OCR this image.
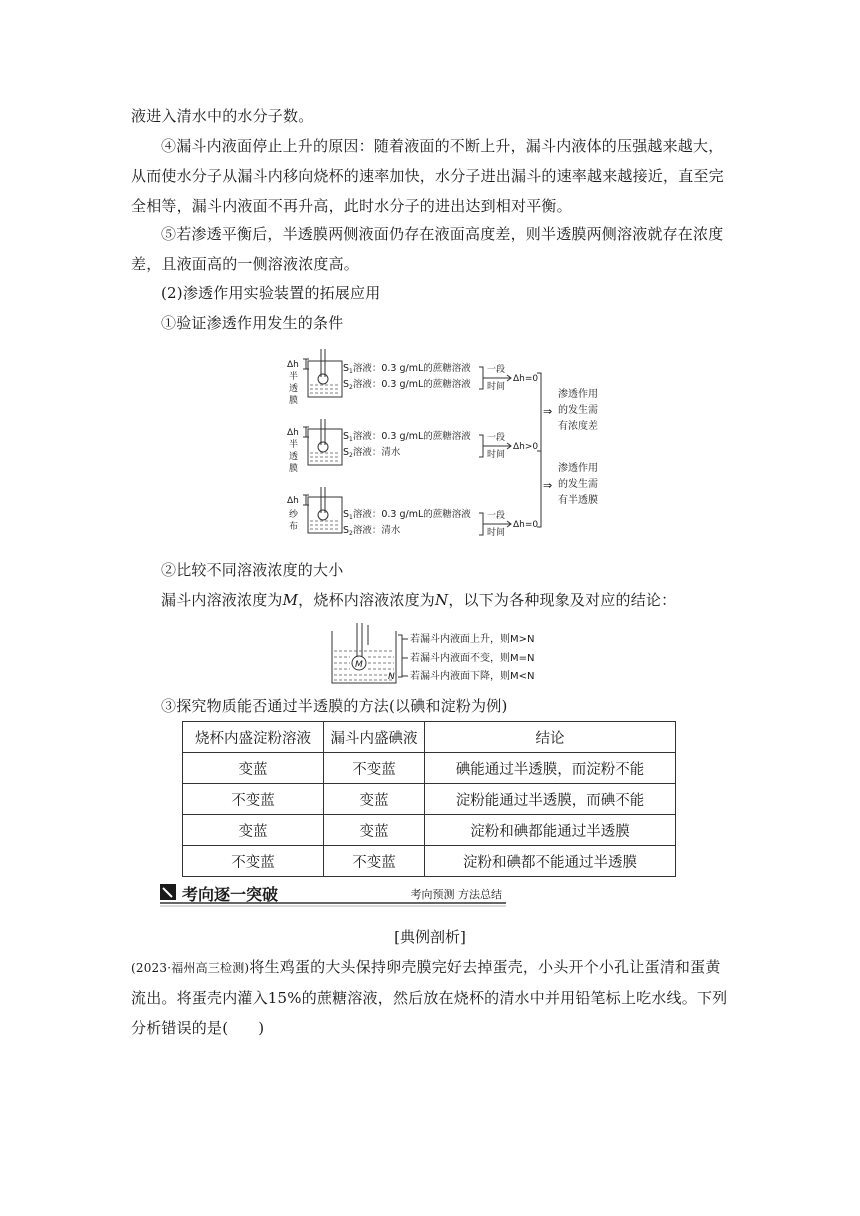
液进入清水中的水分子数。
④漏斗内液面停止上升的原因：随着液面的不断上升，漏斗内液体的压强越来越大，从而使水分子从漏斗内移向烧杯的速率加快，水分子进出漏斗的速率越来越接近，直至完全相等，漏斗内液面不再升高，此时水分子的进出达到相对平衡。
⑤若渗透平衡后，半透膜两侧液面仍存在液面高度差，则半透膜两侧溶液就存在浓度差，且液面高的一侧溶液浓度高。
(2)渗透作用实验装置的拓展应用
①验证渗透作用发生的条件
Δh
半
透
膜
Δh
半
透
膜
Δh
纱
布
$S_1$溶液：0.3 g/mL的蔗糖溶液
$S_2$溶液：0.3 g/mL的蔗糖溶液
$S_1$溶液：0.3 g/mL的蔗糖溶液
$S_2$溶液：清水
$S_1$溶液：0.3 g/mL的蔗糖溶液
$S_2$溶液：清水
一段
时间
一段
时间
一段
时间
Δh=0
Δh>0
Δh=0
⇒
⇒
渗透作用
的发生需
有浓度差
渗透作用
的发生需
有半透膜
②比较不同溶液浓度的大小
漏斗内溶液浓度为M，烧杯内溶液浓度为N，以下为各种现象及对应的结论：
M
N
若漏斗内液面上升，则M>N
若漏斗内液面不变，则M=N
若漏斗内液面下降，则M<N
③探究物质能否通过半透膜的方法(以碘和淀粉为例)
烧杯内盛淀粉溶液	漏斗内盛碘液	结论
变蓝	不变蓝	碘能通过半透膜，而淀粉不能
不变蓝	变蓝	淀粉能通过半透膜，而碘不能
变蓝	变蓝	淀粉和碘都能通过半透膜
不变蓝	不变蓝	淀粉和碘都不能通过半透膜
考向逐一突破	考向预测 方法总结
[典例剖析]
(2023·福州高三检测)将生鸡蛋的大头保持卵壳膜完好去掉蛋壳，小头开个小孔让蛋清和蛋黄流出。将蛋壳内灌入15%的蔗糖溶液，然后放在烧杯的清水中并用铅笔标上吃水线。下列分析错误的是( )
